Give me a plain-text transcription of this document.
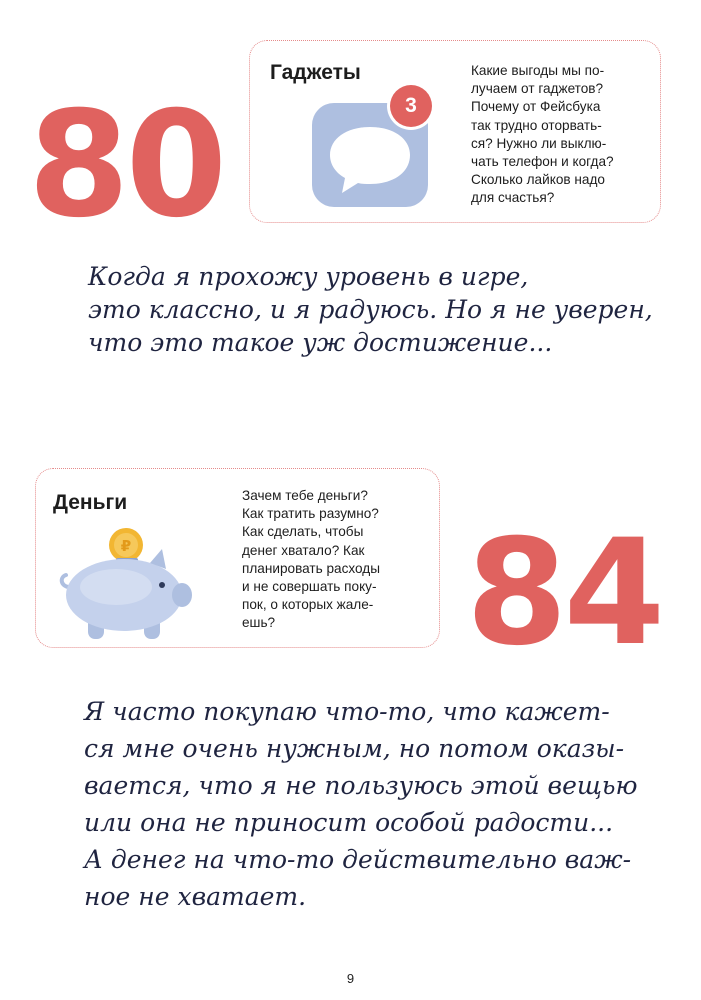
80
Гаджеты
3
Какие выгоды мы по-
лучаем от гаджетов?
Почему от Фейсбука
так трудно оторвать-
ся? Нужно ли выклю-
чать телефон и когда?
Сколько лайков надо
для счастья?
Когда я прохожу уровень в игре,
это классно, и я радуюсь. Но я не уверен,
что это такое уж достижение...
Деньги
₽
Зачем тебе деньги?
Как тратить разумно?
Как сделать, чтобы
денег хватало? Как
планировать расходы
и не совершать поку-
пок, о которых жале-
ешь?	84
Я часто покупаю что-то, что кажет-
ся мне очень нужным, но потом оказы-
вается, что я не пользуюсь этой вещью
или она не приносит особой радости...
А денег на что-то действительно важ-
ное не хватает.
9
